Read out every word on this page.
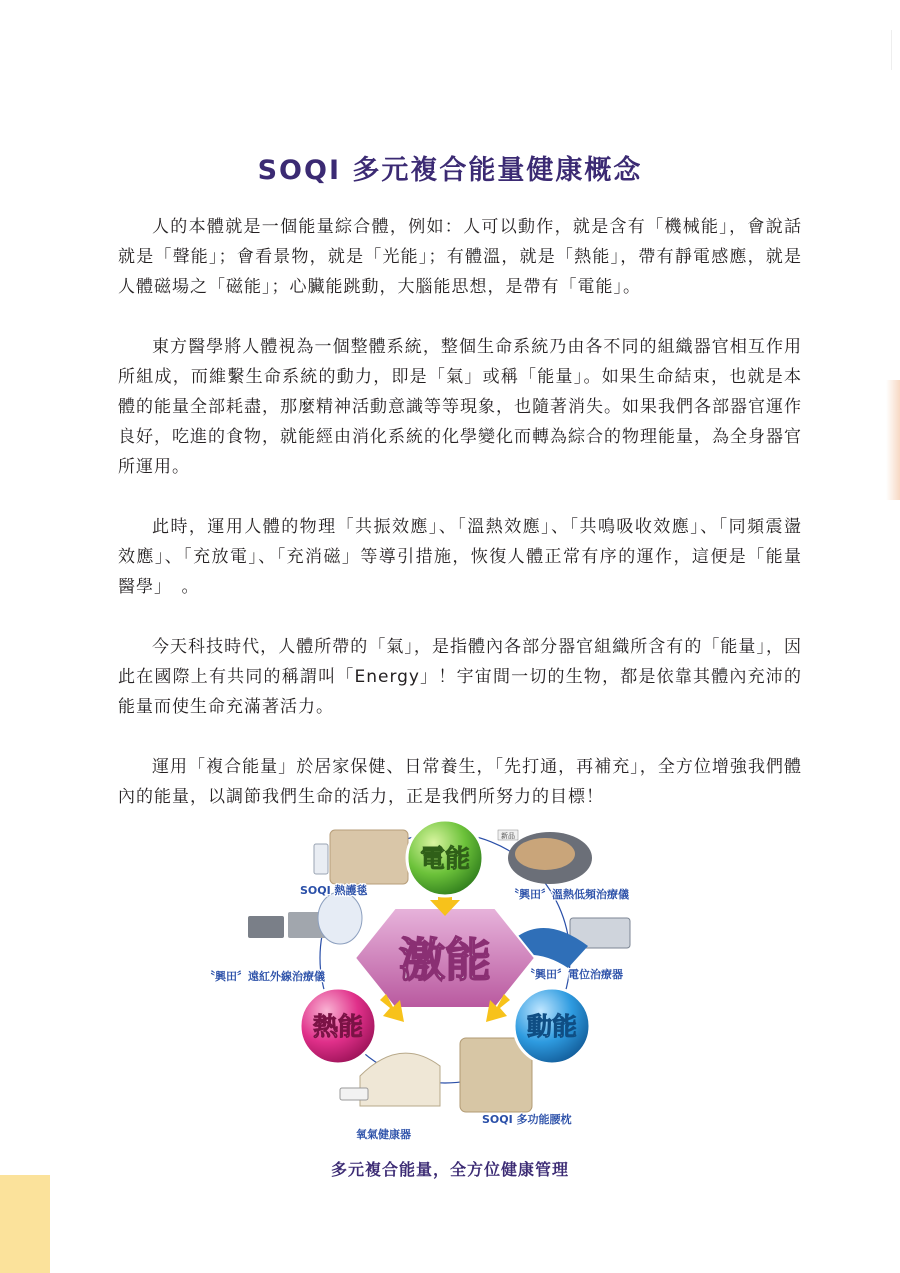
SOQI 多元複合能量健康概念

人的本體就是一個能量綜合體，例如：人可以動作，就是含有「機械能」，會說話就是「聲能」；會看景物，就是「光能」；有體溫，就是「熱能」，帶有靜電感應，就是人體磁場之「磁能」；心臟能跳動，大腦能思想，是帶有「電能」。

東方醫學將人體視為一個整體系統，整個生命系統乃由各不同的組織器官相互作用所組成，而維繫生命系統的動力，即是「氣」或稱「能量」。如果生命結束，也就是本體的能量全部耗盡，那麼精神活動意識等等現象，也隨著消失。如果我們各部器官運作良好，吃進的食物，就能經由消化系統的化學變化而轉為綜合的物理能量，為全身器官所運用。

此時，運用人體的物理「共振效應」、「溫熱效應」、「共鳴吸收效應」、「同頻震盪效應」、「充放電」、「充消磁」等導引措施，恢復人體正常有序的運作，這便是「能量醫學」　。

今天科技時代，人體所帶的「氣」，是指體內各部分器官組織所含有的「能量」，因此在國際上有共同的稱謂叫「Energy」！宇宙間一切的生物，都是依靠其體內充沛的能量而使生命充滿著活力。

運用「複合能量」於居家保健、日常養生，「先打通，再補充」，全方位增強我們體內的能量，以調節我們生命的活力，正是我們所努力的目標！

激能
電能
熱能	動能
新品
SOQI 熱護毯	〝興田〞溫熱低頻治療儀
〝興田〞遠紅外線治療儀	〝興田〞電位治療器
氧氣健康器
SOQI 多功能腰枕
多元複合能量，全方位健康管理
